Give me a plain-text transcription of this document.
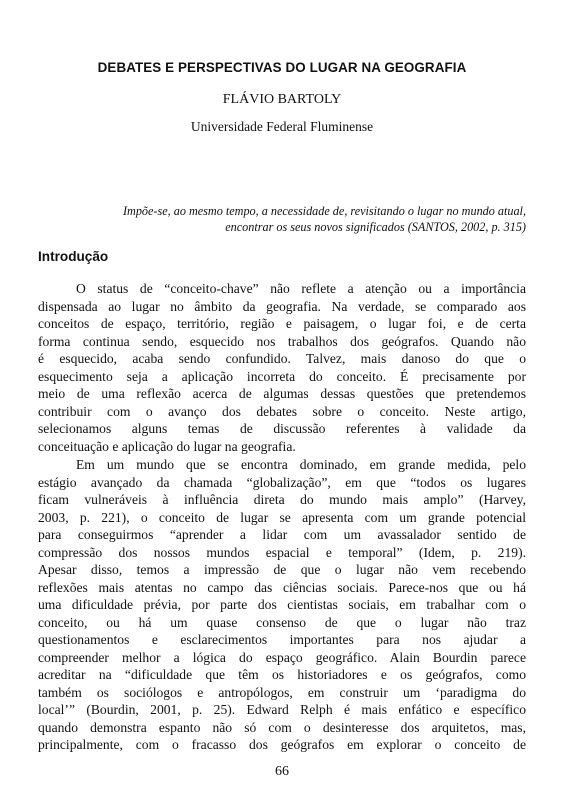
DEBATES E PERSPECTIVAS DO LUGAR NA GEOGRAFIA
FLÁVIO BARTOLY
Universidade Federal Fluminense
Impõe-se, ao mesmo tempo, a necessidade de, revisitando o lugar no mundo atual,
encontrar os seus novos significados (SANTOS, 2002, p. 315)
Introdução
O status de “conceito-chave” não reflete a atenção ou a importância
dispensada ao lugar no âmbito da geografia. Na verdade, se comparado aos
conceitos de espaço, território, região e paisagem, o lugar foi, e de certa
forma continua sendo, esquecido nos trabalhos dos geógrafos. Quando não
é esquecido, acaba sendo confundido. Talvez, mais danoso do que o
esquecimento seja a aplicação incorreta do conceito. É precisamente por
meio de uma reflexão acerca de algumas dessas questões que pretendemos
contribuir com o avanço dos debates sobre o conceito. Neste artigo,
selecionamos alguns temas de discussão referentes à validade da
conceituação e aplicação do lugar na geografia.
Em um mundo que se encontra dominado, em grande medida, pelo
estágio avançado da chamada “globalização”, em que “todos os lugares
ficam vulneráveis à influência direta do mundo mais amplo” (Harvey,
2003, p. 221), o conceito de lugar se apresenta com um grande potencial
para conseguirmos “aprender a lidar com um avassalador sentido de
compressão dos nossos mundos espacial e temporal” (Idem, p. 219).
Apesar disso, temos a impressão de que o lugar não vem recebendo
reflexões mais atentas no campo das ciências sociais. Parece-nos que ou há
uma dificuldade prévia, por parte dos cientistas sociais, em trabalhar com o
conceito, ou há um quase consenso de que o lugar não traz
questionamentos e esclarecimentos importantes para nos ajudar a
compreender melhor a lógica do espaço geográfico. Alain Bourdin parece
acreditar na “dificuldade que têm os historiadores e os geógrafos, como
também os sociólogos e antropólogos, em construir um ‘paradigma do
local’” (Bourdin, 2001, p. 25). Edward Relph é mais enfático e específico
quando demonstra espanto não só com o desinteresse dos arquitetos, mas,
principalmente, com o fracasso dos geógrafos em explorar o conceito de
66
